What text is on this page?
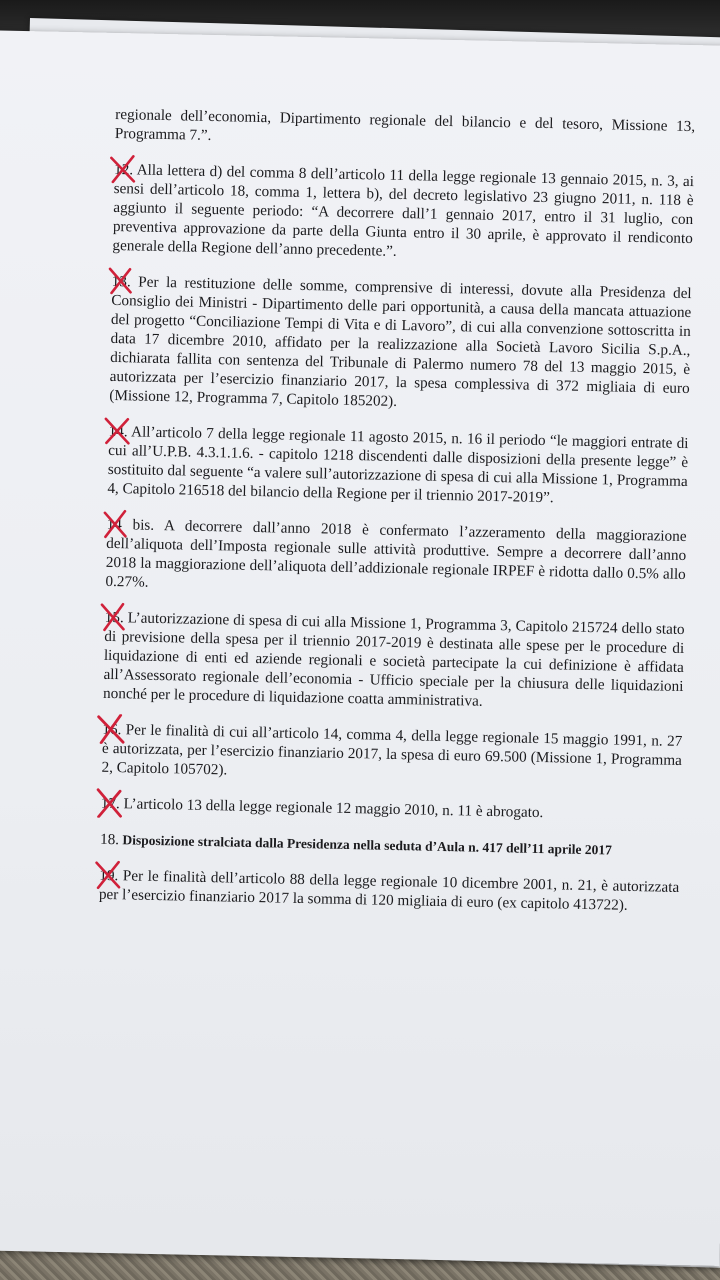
regionale dell’economia, Dipartimento regionale del bilancio e del tesoro, Missione 13, Programma 7.”.

12.
Alla lettera d) del comma 8 dell’articolo 11 della legge regionale 13 gennaio 2015, n. 3, ai sensi dell’articolo 18, comma 1, lettera b), del decreto legislativo 23 giugno 2011, n. 118 è aggiunto il seguente periodo: “A decorrere dall’1 gennaio 2017, entro il 31 luglio, con preventiva approvazione da parte della Giunta entro il 30 aprile, è approvato il rendiconto generale della Regione dell’anno precedente.”.

13.
Per la restituzione delle somme, comprensive di interessi, dovute alla Presidenza del Consiglio dei Ministri - Dipartimento delle pari opportunità, a causa della mancata attuazione del progetto “Conciliazione Tempi di Vita e di Lavoro”, di cui alla convenzione sottoscritta in data 17 dicembre 2010, affidato per la realizzazione alla Società Lavoro Sicilia S.p.A., dichiarata fallita con sentenza del Tribunale di Palermo numero 78 del 13 maggio 2015, è autorizzata per l’esercizio finanziario 2017, la spesa complessiva di 372 migliaia di euro (Missione 12, Programma 7, Capitolo 185202).

14.
All’articolo 7 della legge regionale 11 agosto 2015, n. 16 il periodo “le maggiori entrate di cui all’U.P.B. 4.3.1.1.6. - capitolo 1218 discendenti dalle disposizioni della presente legge” è sostituito dal seguente “a valere sull’autorizzazione di spesa di cui alla Missione 1, Programma 4, Capitolo 216518 del bilancio della Regione per il triennio 2017-2019”.

14
bis. A decorrere dall’anno 2018 è confermato l’azzeramento della maggiorazione dell’aliquota dell’Imposta regionale sulle attività produttive. Sempre a decorrere dall’anno 2018 la maggiorazione dell’aliquota dell’addizionale regionale IRPEF è ridotta dallo 0.5% allo 0.27%.

15.
L’autorizzazione di spesa di cui alla Missione 1, Programma 3, Capitolo 215724 dello stato di previsione della spesa per il triennio 2017-2019 è destinata alle spese per le procedure di liquidazione di enti ed aziende regionali e società partecipate la cui definizione è affidata all’Assessorato regionale dell’economia - Ufficio speciale per la chiusura delle liquidazioni nonché per le procedure di liquidazione coatta amministrativa.

16.
Per le finalità di cui all’articolo 14, comma 4, della legge regionale 15 maggio 1991, n. 27 è autorizzata, per l’esercizio finanziario 2017, la spesa di euro 69.500 (Missione 1, Programma 2, Capitolo 105702).

17.
L’articolo 13 della legge regionale 12 maggio 2010, n. 11 è abrogato.

18. Disposizione stralciata dalla Presidenza nella seduta d’Aula n. 417 dell’11 aprile 2017

19.
Per le finalità dell’articolo 88 della legge regionale 10 dicembre 2001, n. 21, è autorizzata per l’esercizio finanziario 2017 la somma di 120 migliaia di euro (ex capitolo 413722).
